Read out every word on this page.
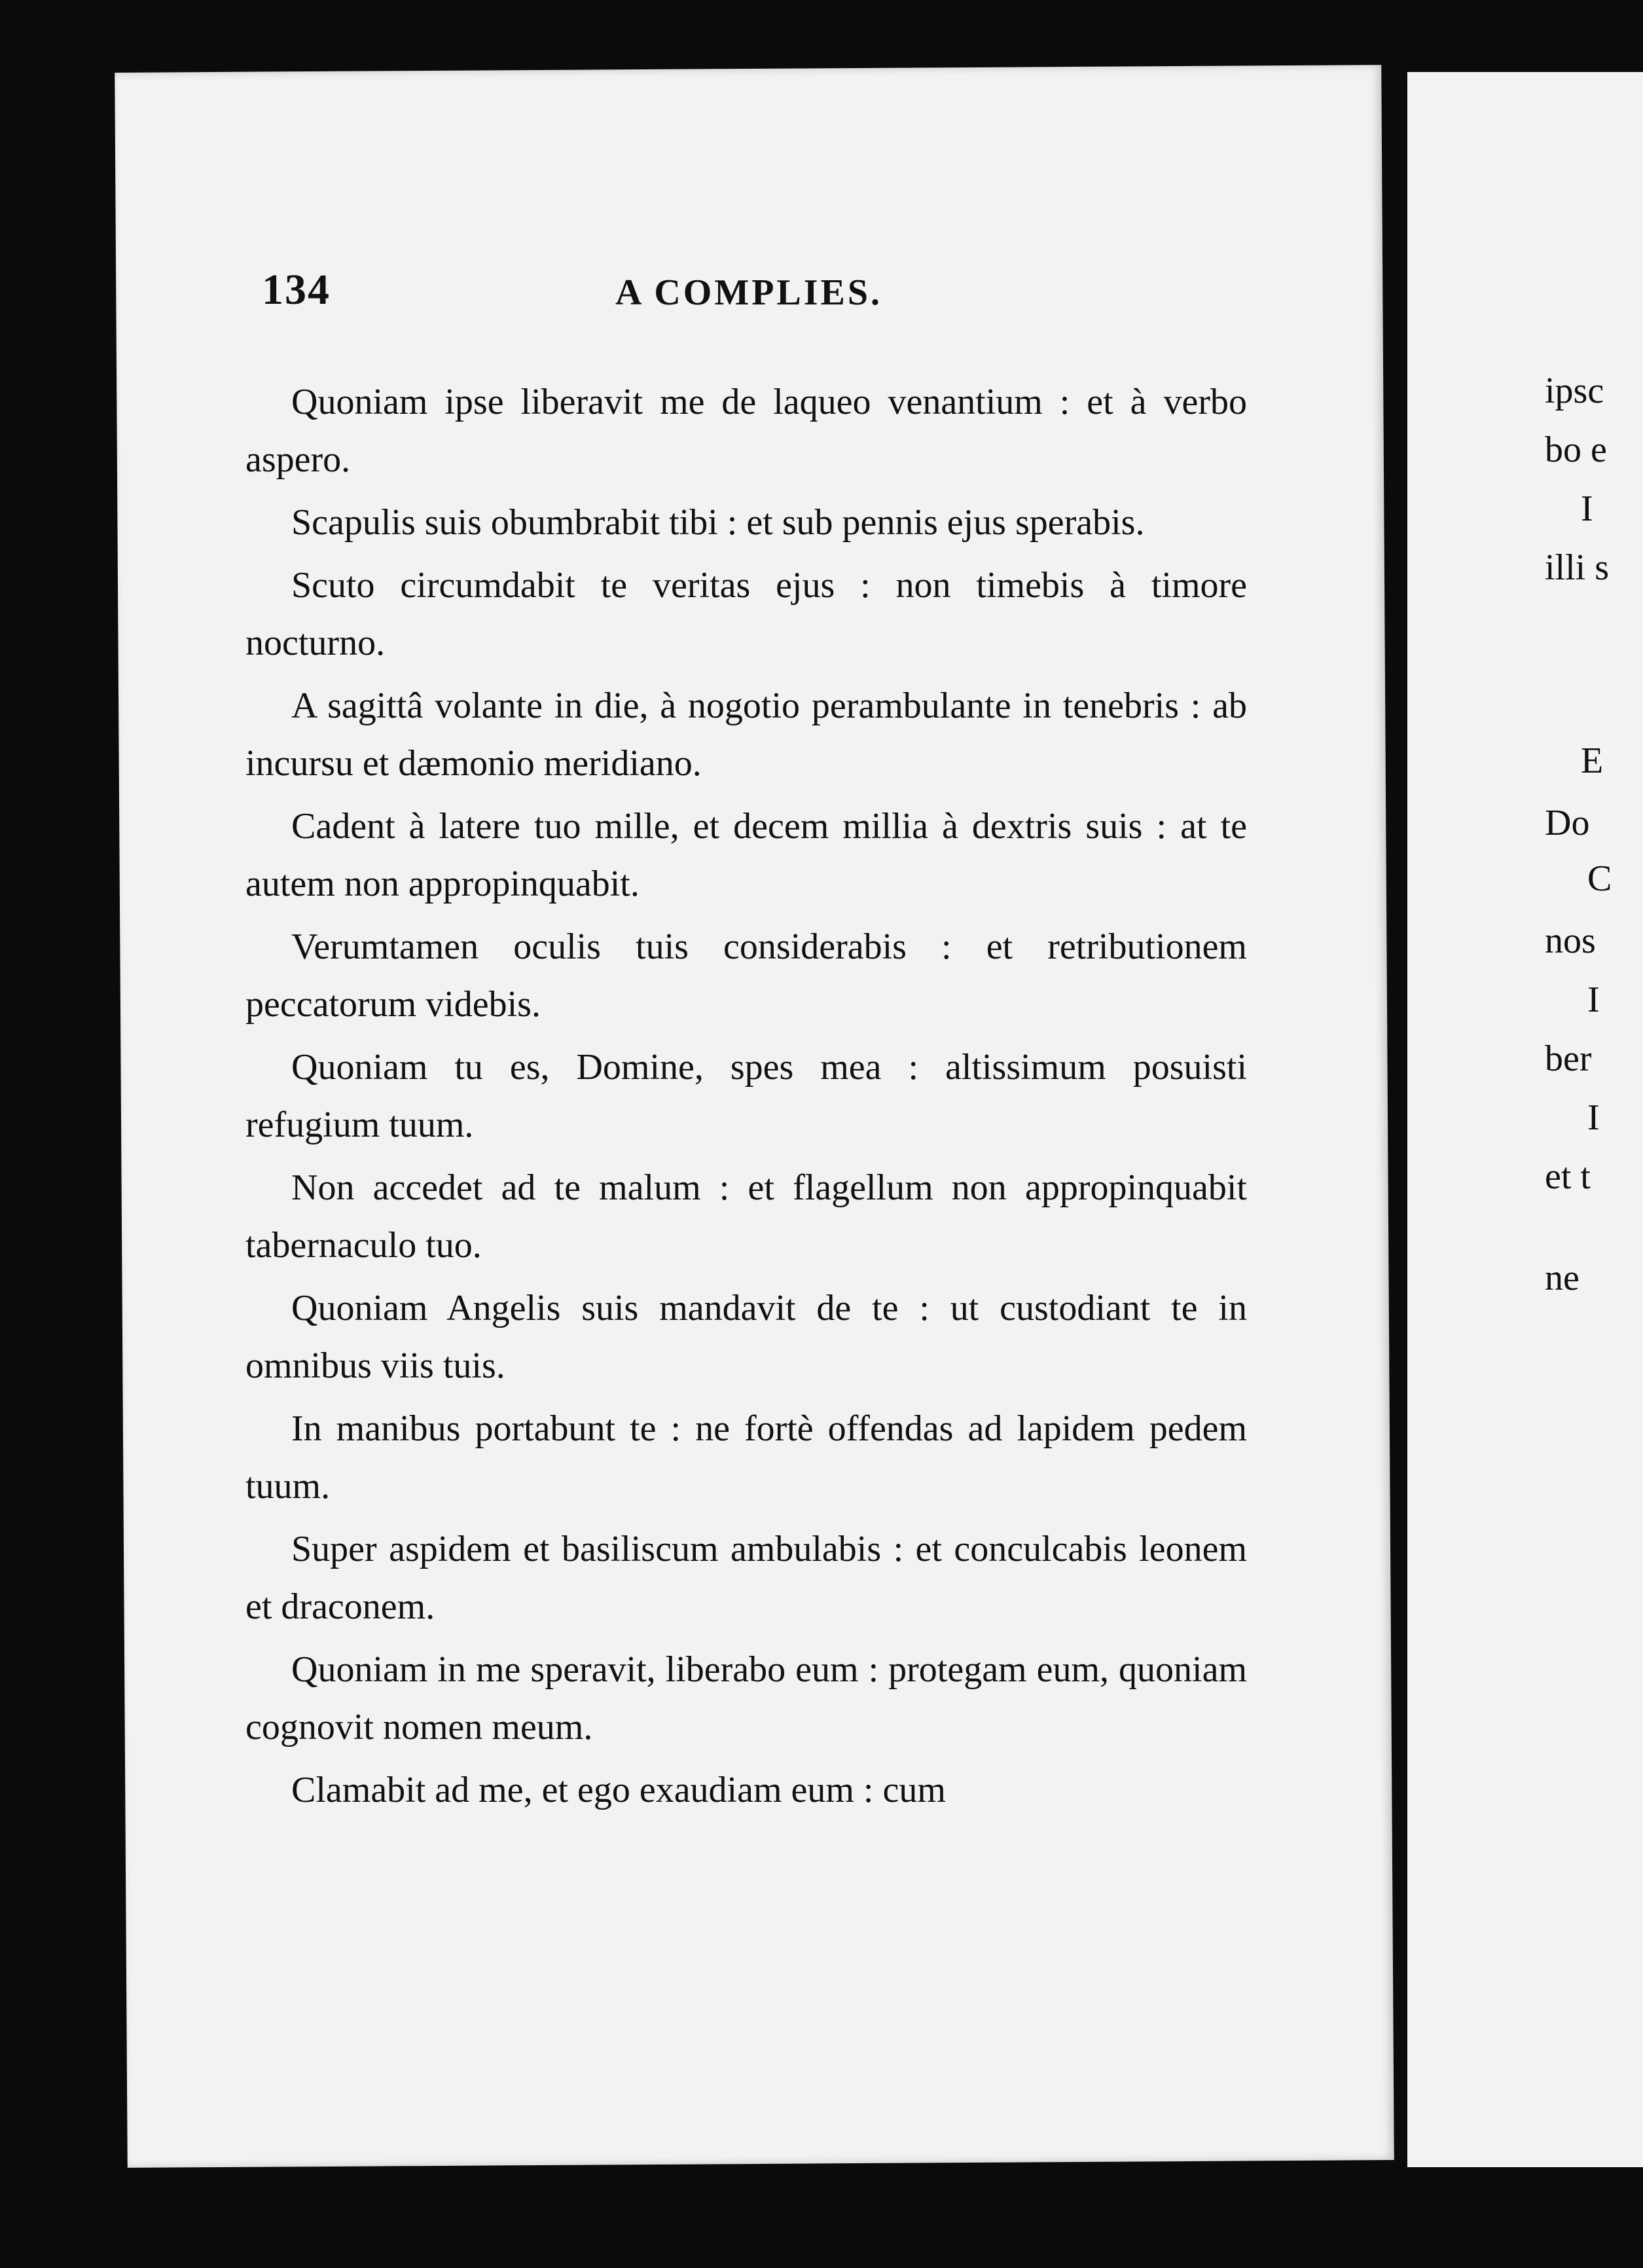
134	A COMPLIES.

Quoniam ipse liberavit me de laqueo venantium : et à verbo aspero.

Scapulis suis obumbrabit tibi : et sub pennis ejus sperabis.

Scuto circumdabit te veritas ejus : non timebis à timore nocturno.

A sagittâ volante in die, à nogotio perambulante in tenebris : ab incursu et dæmonio meridiano.

Cadent à latere tuo mille, et decem millia à dextris suis : at te autem non appropinquabit.

Verumtamen oculis tuis considerabis : et retributionem peccatorum videbis.

Quoniam tu es, Domine, spes mea : altissimum posuisti refugium tuum.

Non accedet ad te malum : et flagellum non appropinquabit tabernaculo tuo.

Quoniam Angelis suis mandavit de te : ut custodiant te in omnibus viis tuis.

In manibus portabunt te : ne fortè offendas ad lapidem pedem tuum.

Super aspidem et basiliscum ambulabis : et conculcabis leonem et draconem.

Quoniam in me speravit, liberabo eum : protegam eum, quoniam cognovit nomen meum.

Clamabit ad me, et ego exaudiam eum : cum

ipsc
bo e
I
illi s
E
Do
C
nos
I
ber
I
et t
ne
